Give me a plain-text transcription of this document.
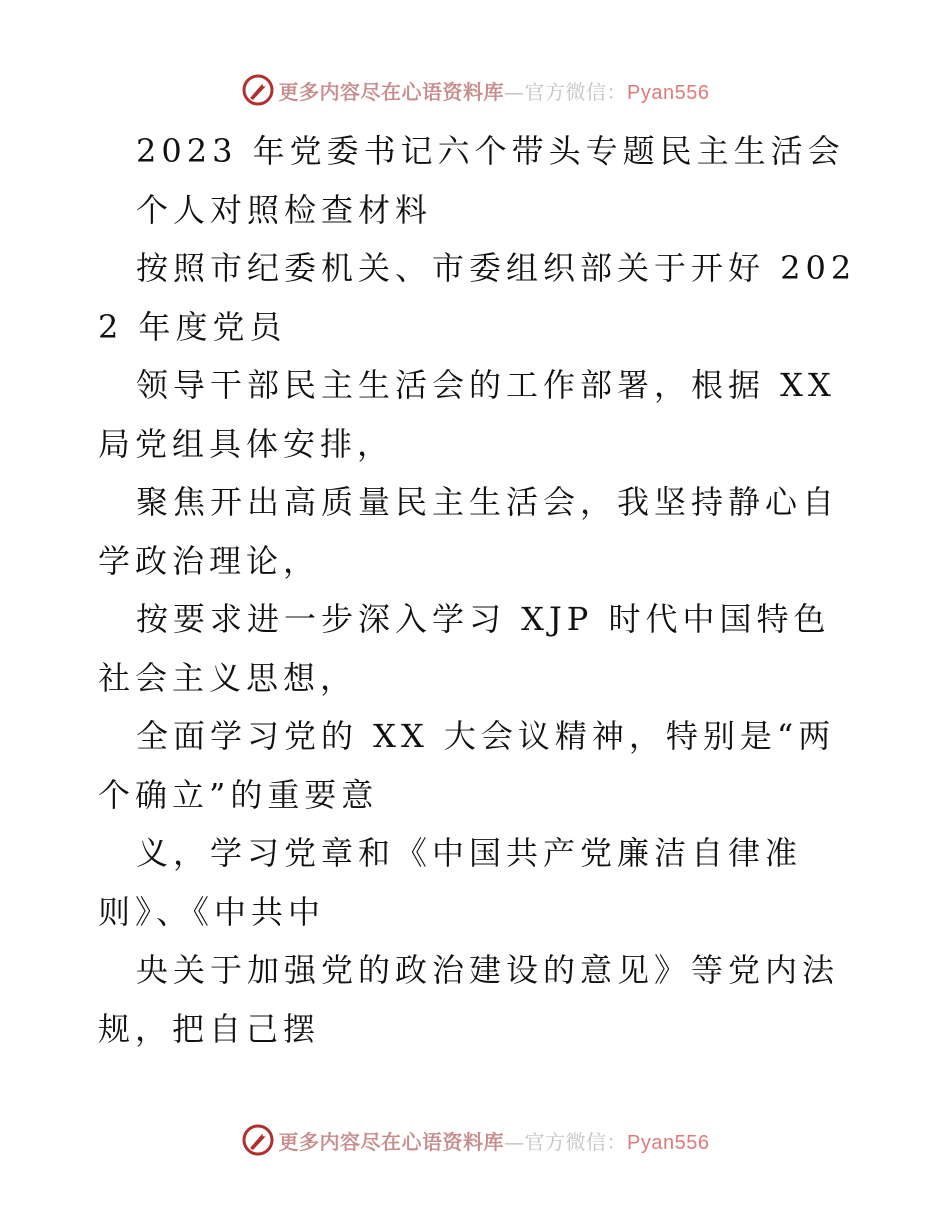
更多内容尽在心语资料库—官方微信：Pyan556

2023 年党委书记六个带头专题民主生活会

个人对照检查材料

按照市纪委机关、市委组织部关于开好 2022 年度党员

领导干部民主生活会的工作部署，根据 XX 局党组具体安排，

聚焦开出高质量民主生活会，我坚持静心自学政治理论，

按要求进一步深入学习 XJP 时代中国特色社会主义思想，

全面学习党的 XX 大会议精神，特别是“两个确立”的重要意

义，学习党章和《中国共产党廉洁自律准则》、《中共中

央关于加强党的政治建设的意见》等党内法规，把自己摆

更多内容尽在心语资料库—官方微信：Pyan556
